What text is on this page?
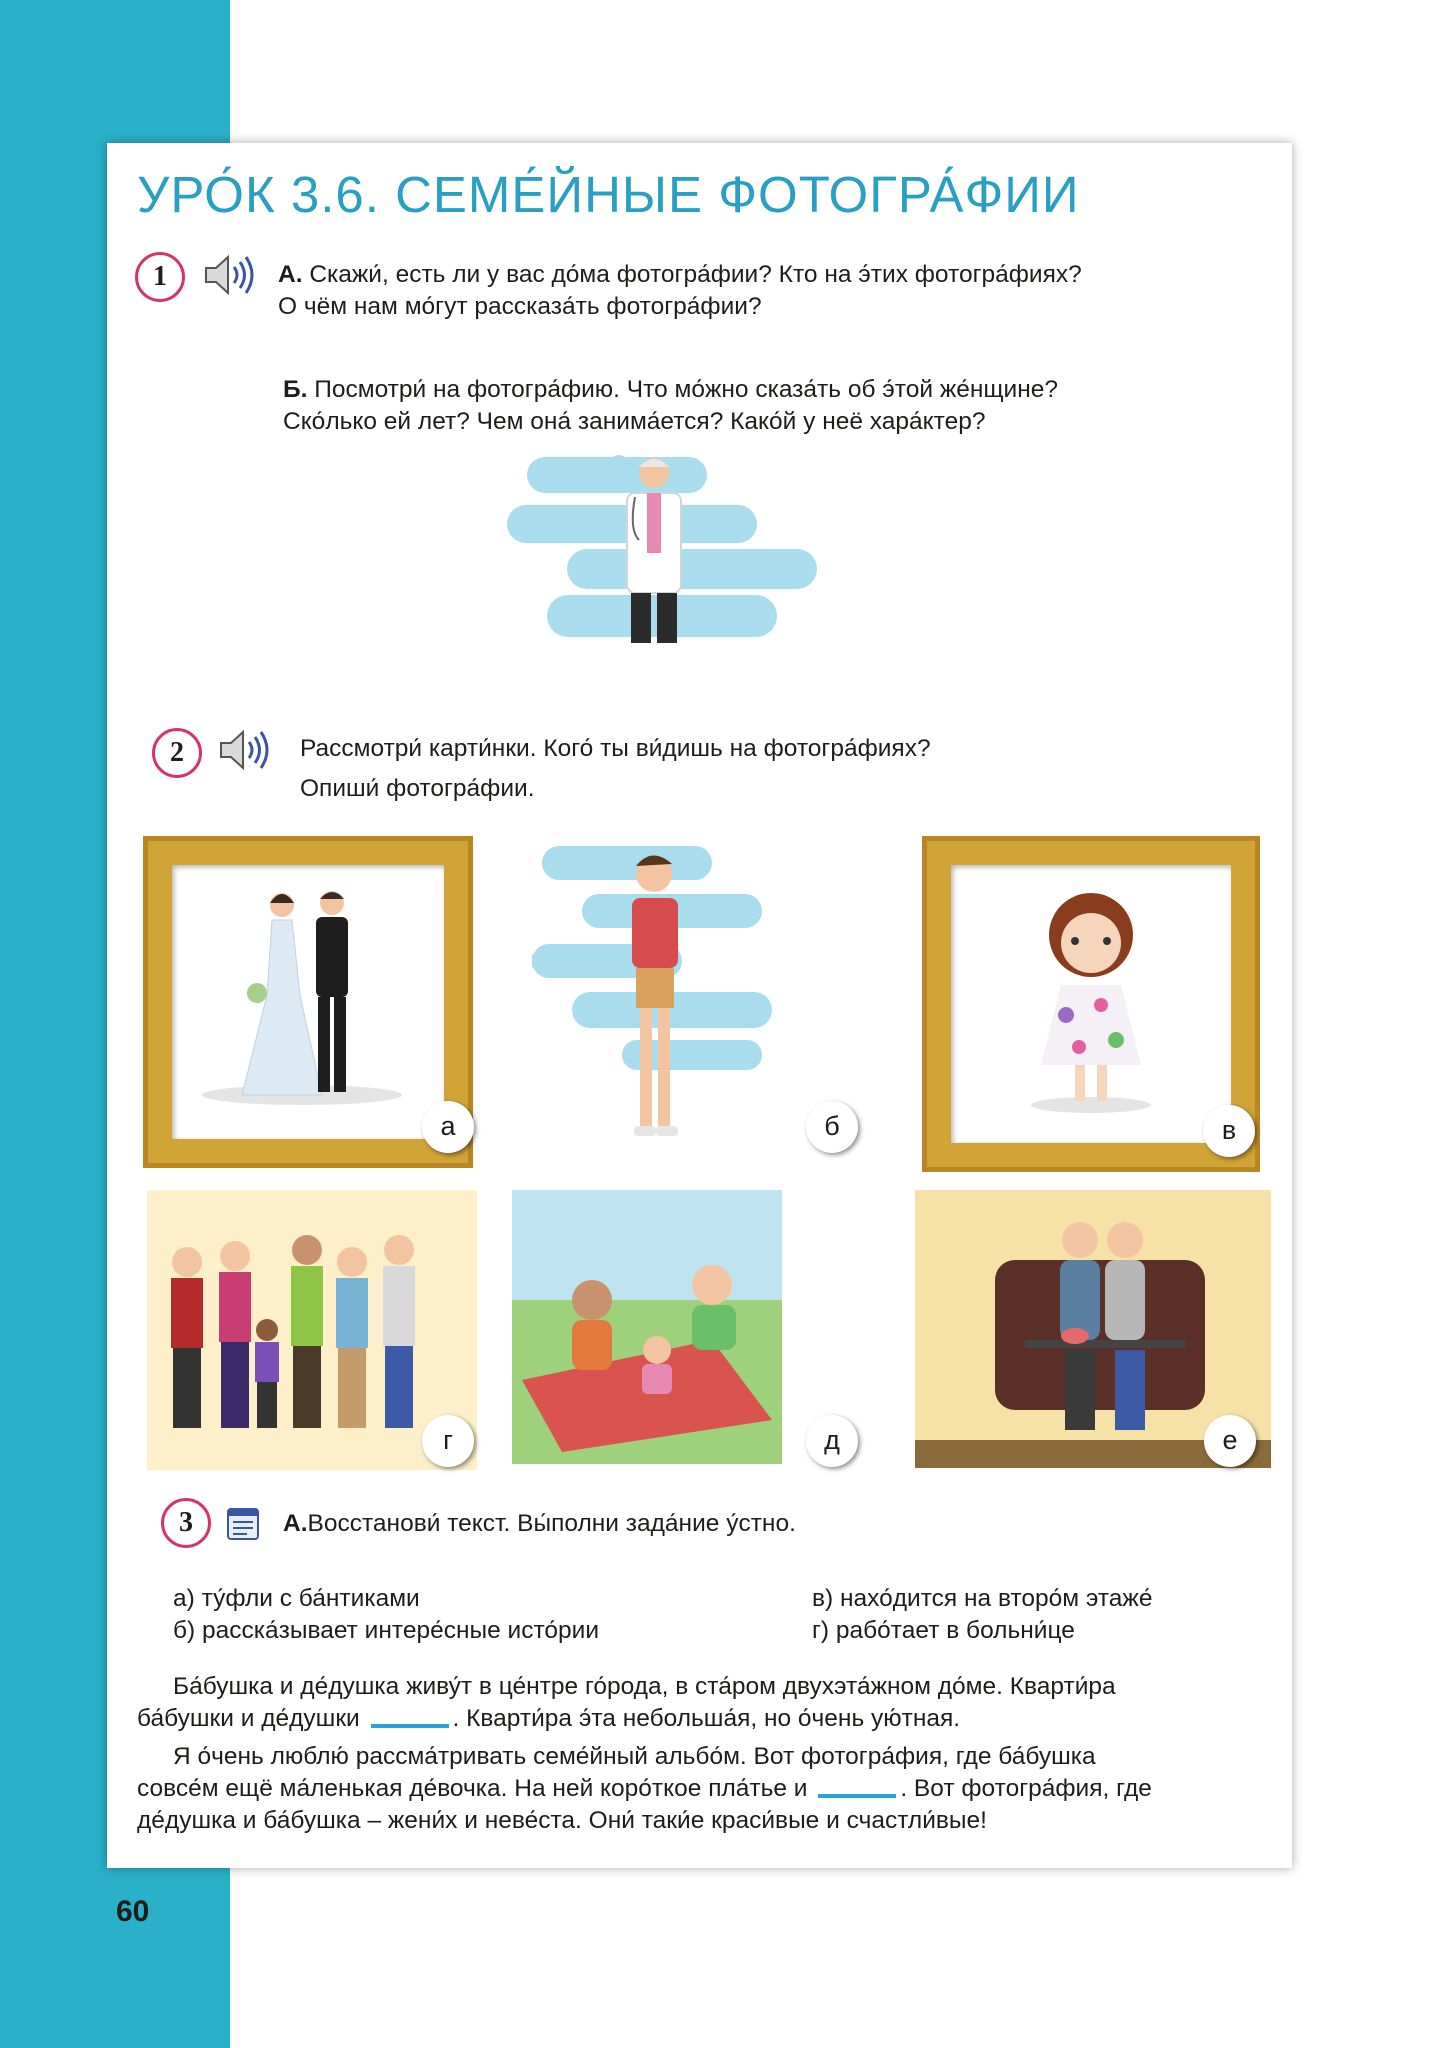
60
УРО́К 3.6. СЕМЕ́ЙНЫЕ ФОТОГРА́ФИИ
1	А. Скажи́, есть ли у вас до́ма фотогра́фии? Кто на э́тих фотогра́фиях?
О чём нам мо́гут рассказа́ть фотогра́фии?
Б. Посмотри́ на фотогра́фию. Что мо́жно сказа́ть об э́той же́нщине?
Ско́лько ей лет? Чем она́ занима́ется? Како́й у неё хара́ктер?
2	Рассмотри́ карти́нки. Кого́ ты ви́дишь на фотогра́фиях?
Опиши́ фотогра́фии.
а	б	в
г	д	е
3	А.Восстанови́ текст. Вы́полни зада́ние у́стно.
а) ту́фли с ба́нтиками
б) расска́зывает интере́сные исто́рии
в) нахо́дится на второ́м этаже́
г) рабо́тает в больни́це
Ба́бушка и де́душка живу́т в це́нтре го́рода, в ста́ром двухэта́жном до́ме. Кварти́ра
ба́бушки и де́душки	. Кварти́ра э́та небольша́я, но о́чень ую́тная.
Я о́чень люблю́ рассма́тривать семе́йный альбо́м. Вот фотогра́фия, где ба́бушка
совсе́м ещё ма́ленькая де́вочка. На ней коро́ткое пла́тье и	. Вот фотогра́фия, где
де́душка и ба́бушка – жени́х и неве́ста. Они́ таки́е краси́вые и счастли́вые!
